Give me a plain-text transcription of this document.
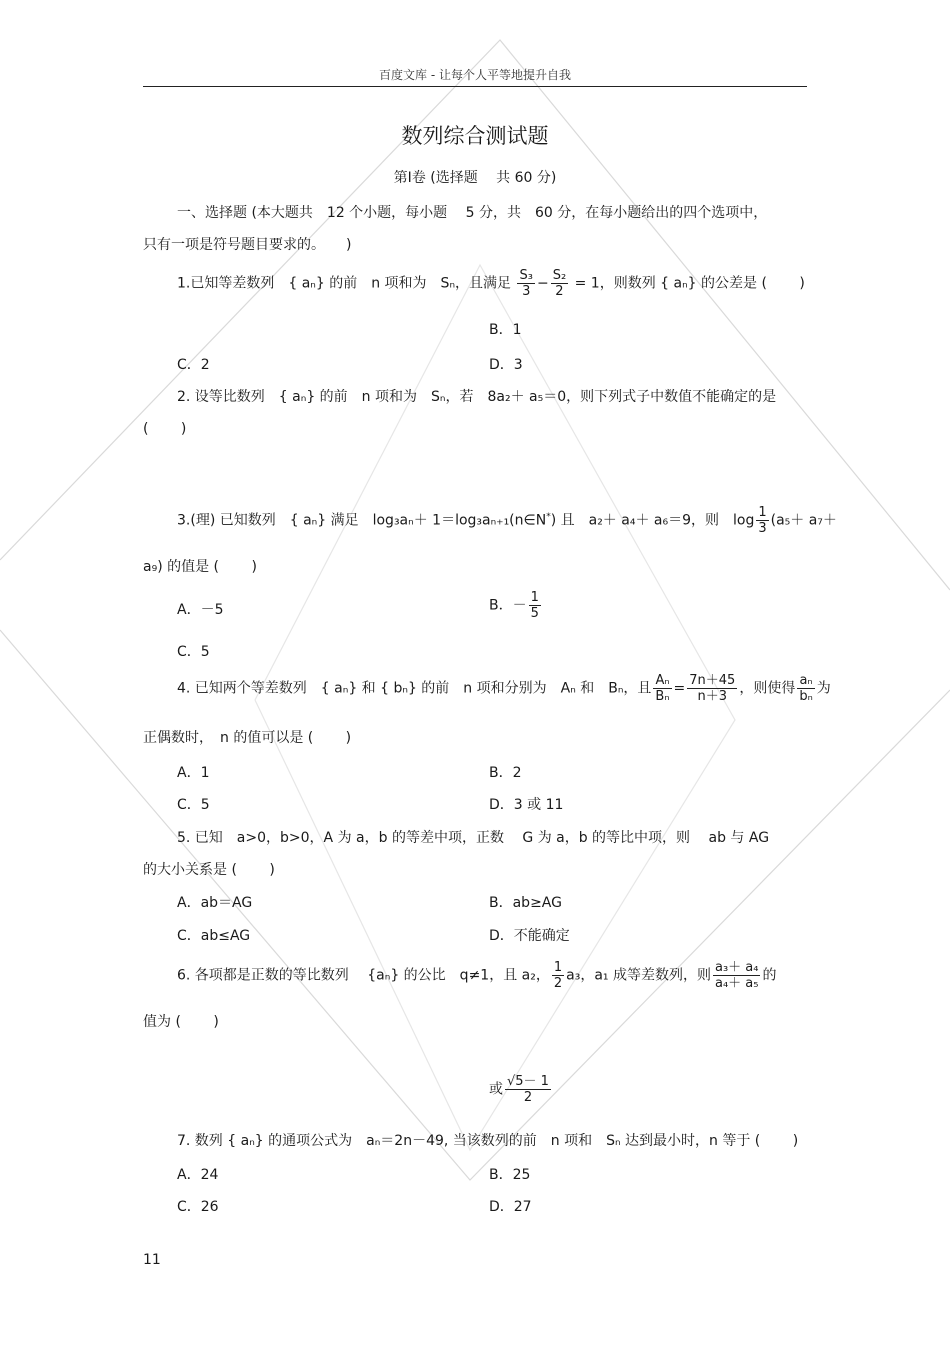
百度文库 - 让每个人平等地提升自我
数列综合测试题
第Ⅰ卷 (选择题　 共 60 分)
一、选择题 (本大题共　12 个小题，每小题　 5 分，共　60 分，在每小题给出的四个选项中，
只有一项是符号题目要求的。　　)
1.已知等差数列　{ aₙ} 的前　n 项和为　Sₙ，且满足 $\frac{\text{S₃}}{3} - \frac{\text{S₂}}{2} = 1$，则数列 { aₙ} 的公差是 (　　 )
B．1
C．2	D．3
2. 设等比数列　{ aₙ} 的前　n 项和为　Sₙ，若　8a₂＋ a₅＝0，则下列式子中数值不能确定的是
(　　 )
3.(理) 已知数列　{ aₙ} 满足　log₃aₙ＋ 1＝log₃aₙ₊₁(n∈N*) 且　a₂＋ a₄＋ a₆＝9，则　$\log \frac{1}{3} (a_5+ a_7+$
a₉) 的值是 (　　 )
A．－5	B．－ $\frac{1}{5}$
C．5
4. 已知两个等差数列　{ aₙ} 和 { bₙ} 的前　n 项和分别为　Aₙ 和　Bₙ，且 $\frac{\text{Aₙ}}{\text{Bₙ}} = \frac{7n+45}{n+3}$ ，则使得 $\frac{\text{aₙ}}{\text{bₙ}}$ 为
正偶数时，　n 的值可以是 (　　 )
A．1	B．2
C．5	D．3 或 11
5. 已知　a>0，b>0，A 为 a，b 的等差中项，正数　 G 为 a，b 的等比中项，则　 ab 与 AG
的大小关系是 (　　 )
A．ab＝AG	B．ab≥AG
C．ab≤AG	D．不能确定
6. 各项都是正数的等比数列　 {aₙ} 的公比　q≠1，且 a₂， $\frac{1}{2} a_3$，a₁ 成等差数列，则 $\frac{\text{a₃＋ a₄}}{\text{a₄＋ a₅}}$ 的
值为 (　　 )
或 $\frac{√5- 1}{2}$
7. 数列 { aₙ} 的通项公式为　aₙ＝2n－49, 当该数列的前　n 项和　Sₙ 达到最小时，n 等于 (　　 )
A．24	B．25
C．26	D．27
11
